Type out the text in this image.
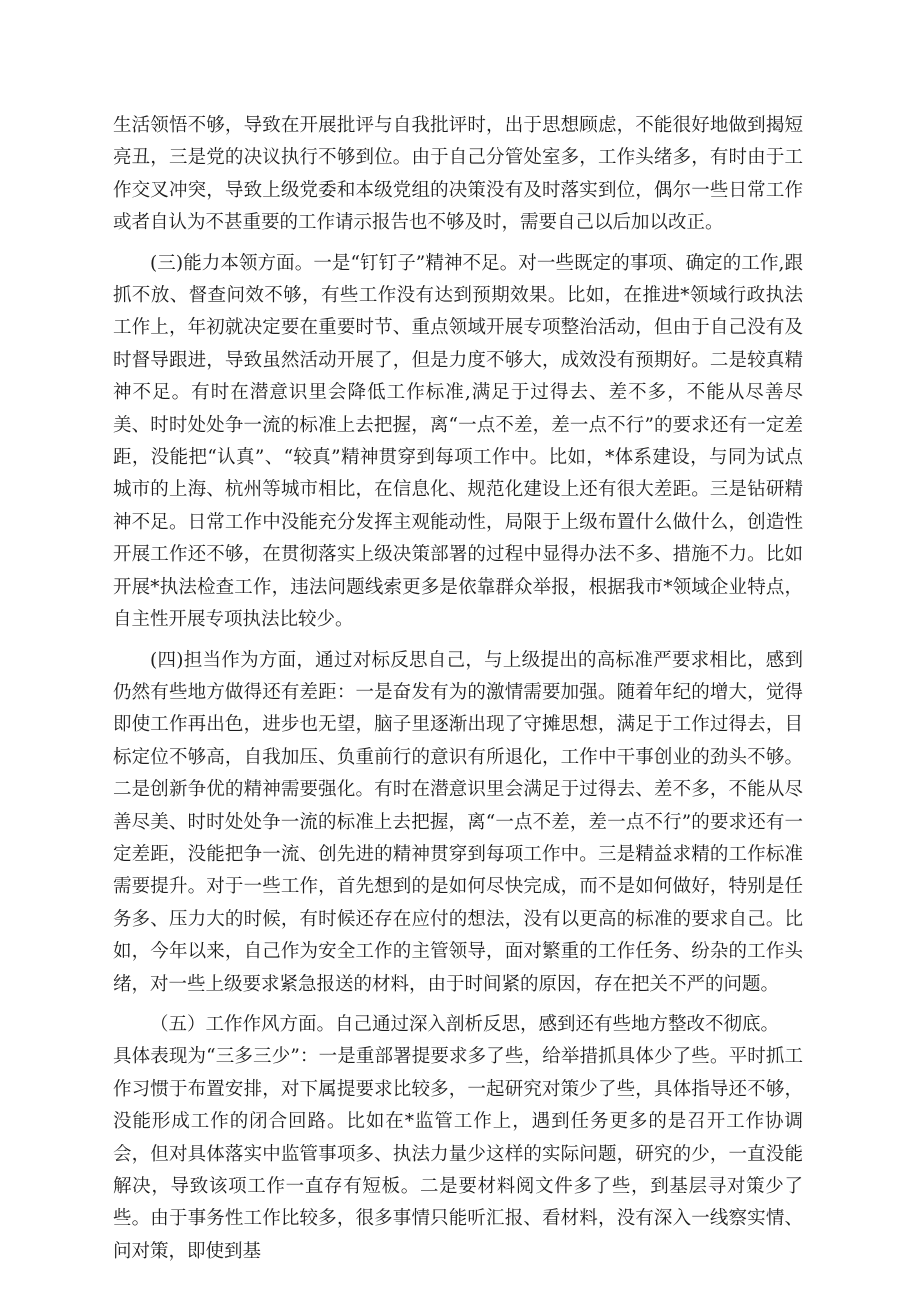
生活领悟不够，导致在开展批评与自我批评时，出于思想顾虑，不能很好地做到揭短亮丑，三是党的决议执行不够到位。由于自己分管处室多，工作头绪多，有时由于工作交叉冲突，导致上级党委和本级党组的决策没有及时落实到位，偶尔一些日常工作或者自认为不甚重要的工作请示报告也不够及时，需要自己以后加以改正。

(三)能力本领方面。一是“钉钉子”精神不足。对一些既定的事项、确定的工作,跟抓不放、督查问效不够，有些工作没有达到预期效果。比如，在推进*领域行政执法工作上，年初就决定要在重要时节、重点领域开展专项整治活动，但由于自己没有及时督导跟进，导致虽然活动开展了，但是力度不够大，成效没有预期好。二是较真精神不足。有时在潜意识里会降低工作标准,满足于过得去、差不多，不能从尽善尽美、时时处处争一流的标准上去把握，离“一点不差，差一点不行”的要求还有一定差距，没能把“认真”、“较真”精神贯穿到每项工作中。比如，*体系建设，与同为试点城市的上海、杭州等城市相比，在信息化、规范化建设上还有很大差距。三是钻研精神不足。日常工作中没能充分发挥主观能动性，局限于上级布置什么做什么，创造性开展工作还不够，在贯彻落实上级决策部署的过程中显得办法不多、措施不力。比如开展*执法检查工作，违法问题线索更多是依靠群众举报，根据我市*领域企业特点，自主性开展专项执法比较少。

(四)担当作为方面，通过对标反思自己，与上级提出的高标准严要求相比，感到仍然有些地方做得还有差距：一是奋发有为的激情需要加强。随着年纪的增大，觉得即使工作再出色，进步也无望，脑子里逐渐出现了守摊思想，满足于工作过得去，目标定位不够高，自我加压、负重前行的意识有所退化，工作中干事创业的劲头不够。二是创新争优的精神需要强化。有时在潜意识里会满足于过得去、差不多，不能从尽善尽美、时时处处争一流的标准上去把握，离“一点不差，差一点不行”的要求还有一定差距，没能把争一流、创先进的精神贯穿到每项工作中。三是精益求精的工作标准需要提升。对于一些工作，首先想到的是如何尽快完成，而不是如何做好，特别是任务多、压力大的时候，有时候还存在应付的想法，没有以更高的标准的要求自己。比如，今年以来，自己作为安全工作的主管领导，面对繁重的工作任务、纷杂的工作头绪，对一些上级要求紧急报送的材料，由于时间紧的原因，存在把关不严的问题。

（五）工作作风方面。自己通过深入剖析反思，感到还有些地方整改不彻底。
具体表现为“三多三少”：一是重部署提要求多了些，给举措抓具体少了些。平时抓工作习惯于布置安排，对下属提要求比较多，一起研究对策少了些，具体指导还不够，没能形成工作的闭合回路。比如在*监管工作上，遇到任务更多的是召开工作协调会，但对具体落实中监管事项多、执法力量少这样的实际问题，研究的少，一直没能解决，导致该项工作一直存有短板。二是要材料阅文件多了些，到基层寻对策少了些。由于事务性工作比较多，很多事情只能听汇报、看材料，没有深入一线察实情、问对策，即使到基
